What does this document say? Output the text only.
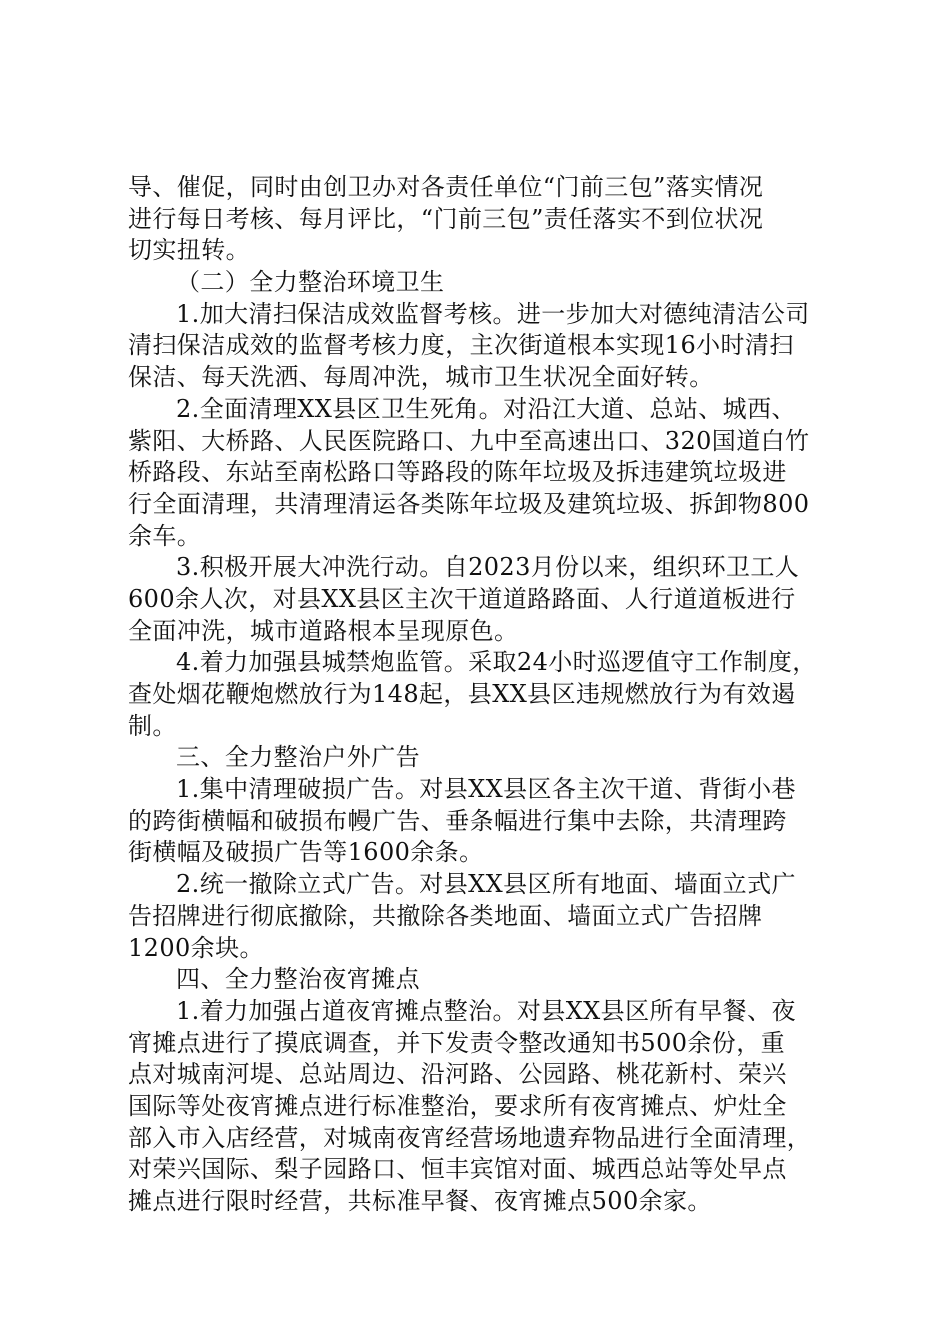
导、催促，同时由创卫办对各责任单位“门前三包”落实情况
进行每日考核、每月评比，“门前三包”责任落实不到位状况
切实扭转。
（二）全力整治环境卫生
1.加大清扫保洁成效监督考核。进一步加大对德纯清洁公司
清扫保洁成效的监督考核力度，主次街道根本实现16小时清扫
保洁、每天洗洒、每周冲洗，城市卫生状况全面好转。
2.全面清理XX县区卫生死角。对沿江大道、总站、城西、
紫阳、大桥路、人民医院路口、九中至高速出口、320国道白竹
桥路段、东站至南松路口等路段的陈年垃圾及拆违建筑垃圾进
行全面清理，共清理清运各类陈年垃圾及建筑垃圾、拆卸物800
余车。
3.积极开展大冲洗行动。自2023月份以来，组织环卫工人
600余人次，对县XX县区主次干道道路路面、人行道道板进行
全面冲洗，城市道路根本呈现原色。
4.着力加强县城禁炮监管。采取24小时巡逻值守工作制度，
查处烟花鞭炮燃放行为148起，县XX县区违规燃放行为有效遏
制。
三、全力整治户外广告
1.集中清理破损广告。对县XX县区各主次干道、背街小巷
的跨街横幅和破损布幔广告、垂条幅进行集中去除，共清理跨
街横幅及破损广告等1600余条。
2.统一撤除立式广告。对县XX县区所有地面、墙面立式广
告招牌进行彻底撤除，共撤除各类地面、墙面立式广告招牌
1200余块。
四、全力整治夜宵摊点
1.着力加强占道夜宵摊点整治。对县XX县区所有早餐、夜
宵摊点进行了摸底调查，并下发责令整改通知书500余份，重
点对城南河堤、总站周边、沿河路、公园路、桃花新村、荣兴
国际等处夜宵摊点进行标准整治，要求所有夜宵摊点、炉灶全
部入市入店经营，对城南夜宵经营场地遗弃物品进行全面清理，
对荣兴国际、梨子园路口、恒丰宾馆对面、城西总站等处早点
摊点进行限时经营，共标准早餐、夜宵摊点500余家。
